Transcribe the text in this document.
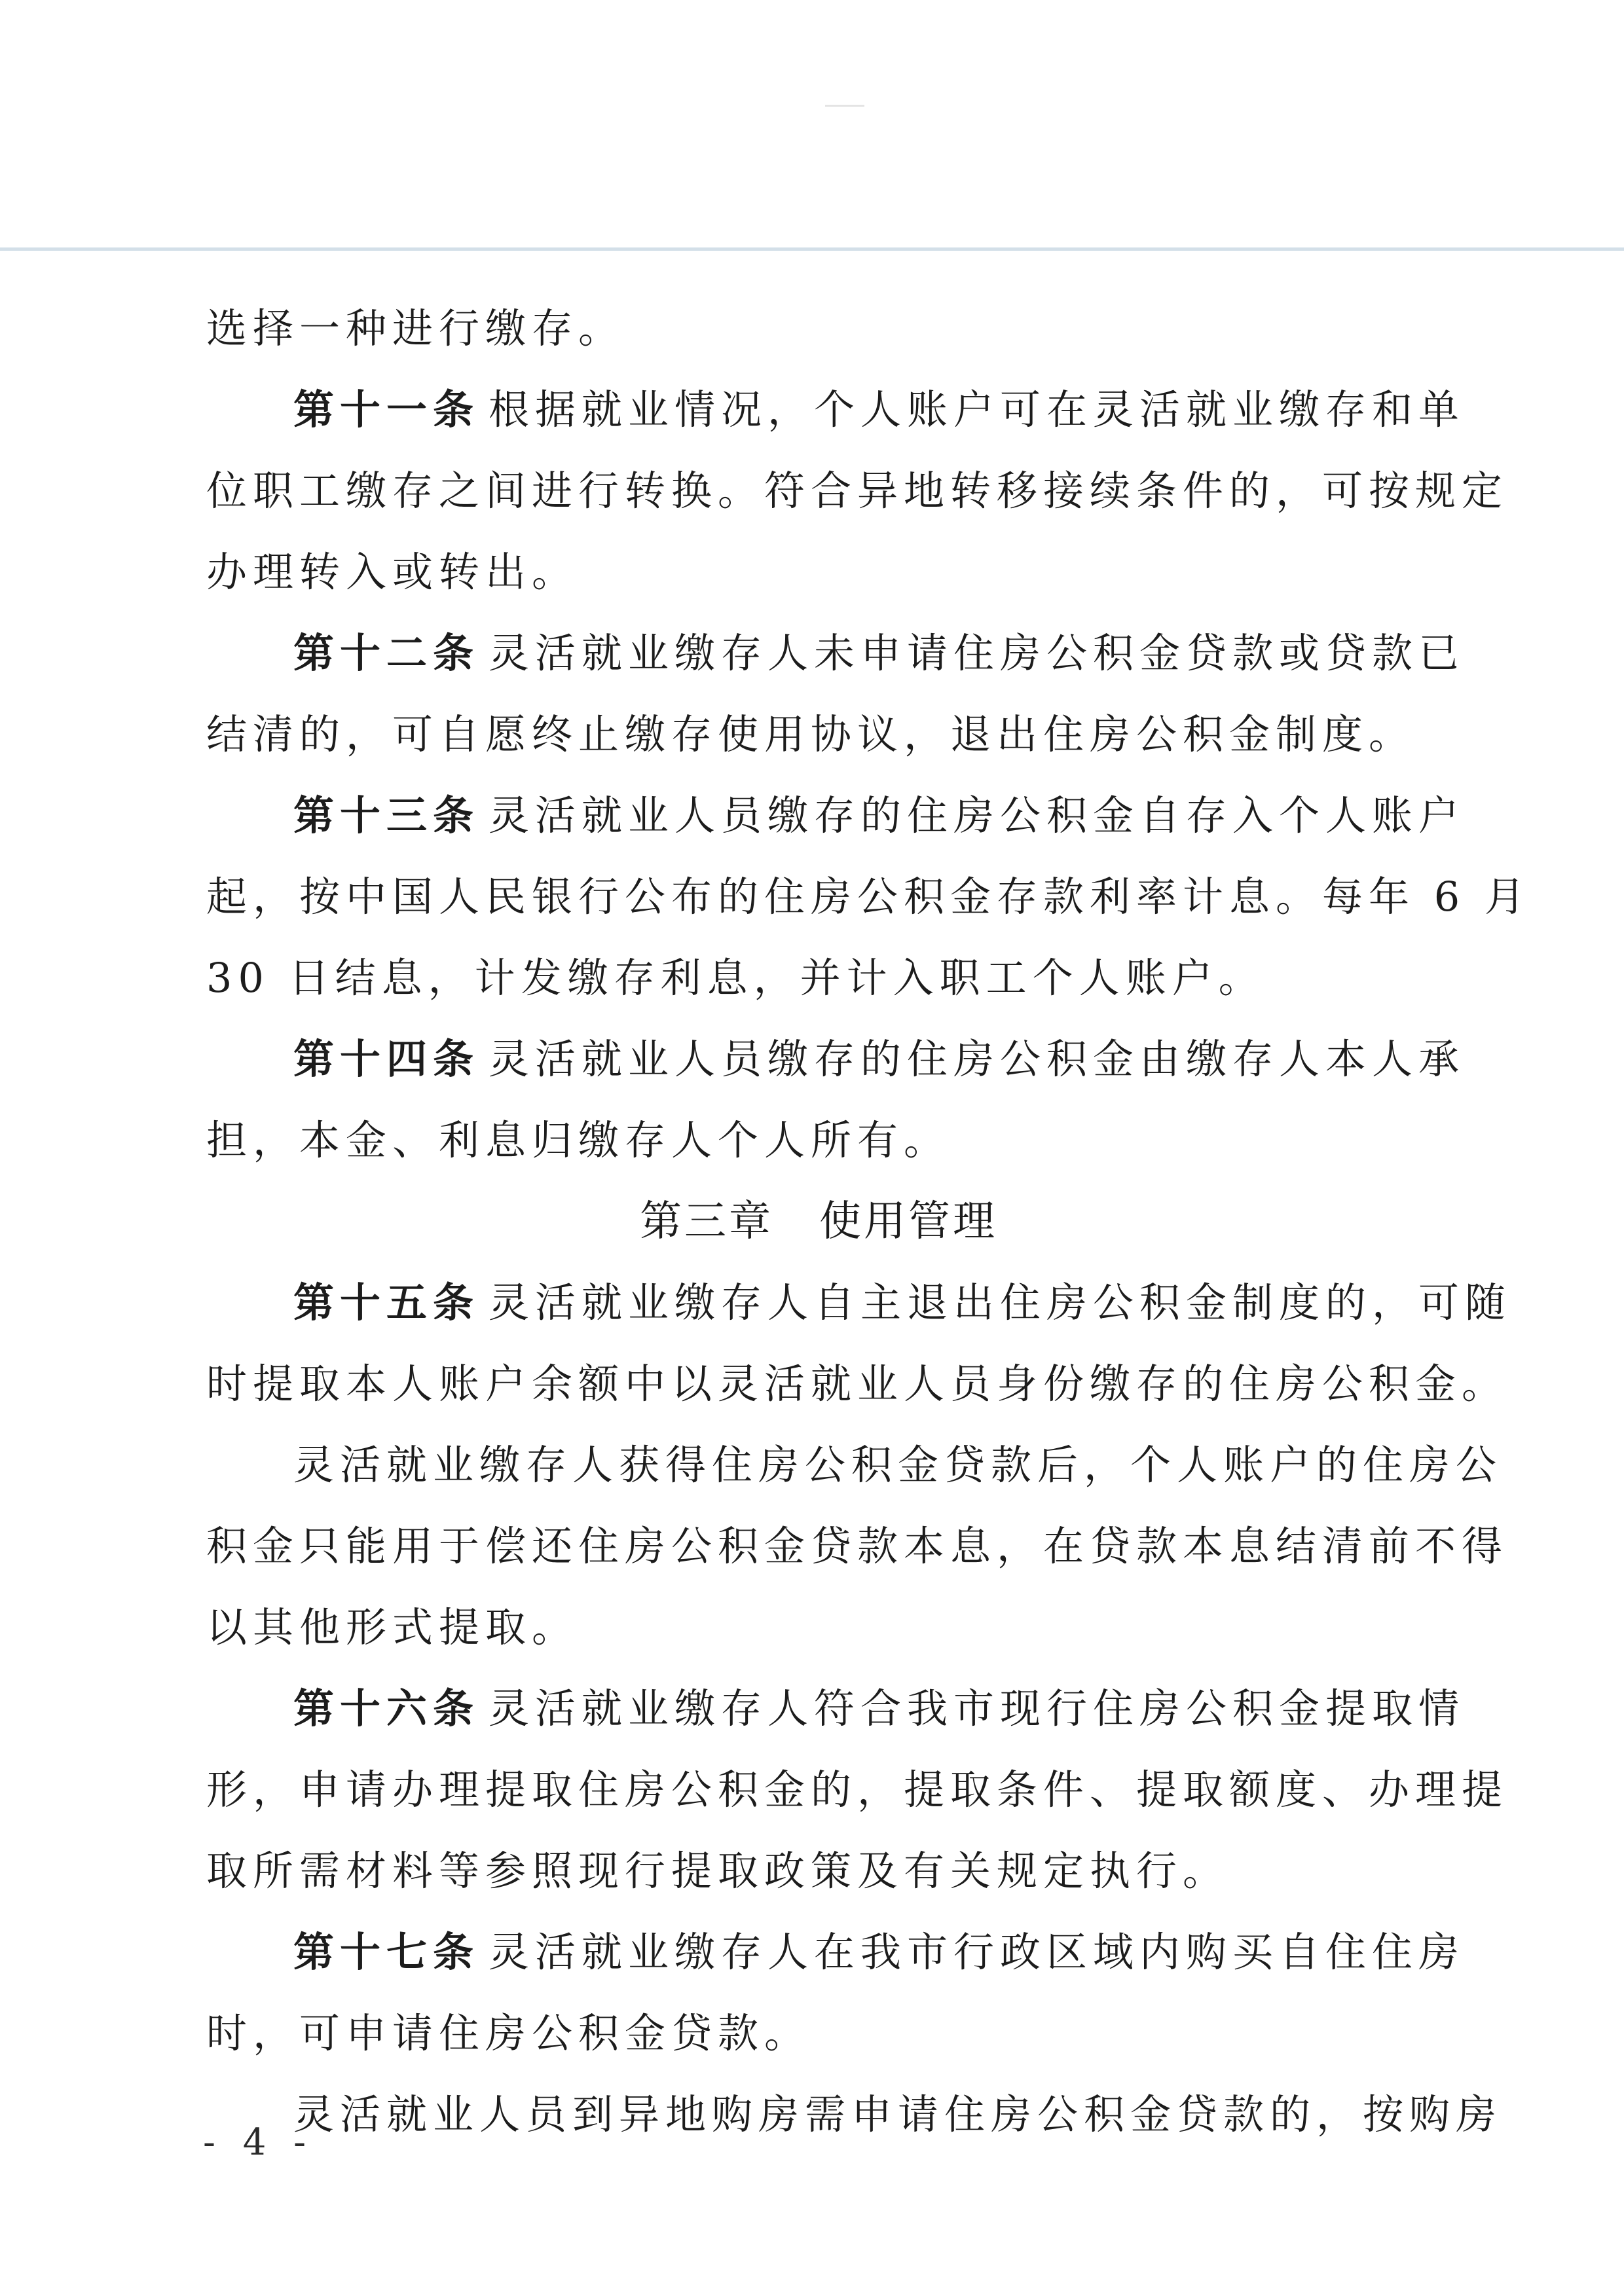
选择一种进行缴存。
第十一条 根据就业情况，个人账户可在灵活就业缴存和单
位职工缴存之间进行转换。符合异地转移接续条件的，可按规定
办理转入或转出。
第十二条 灵活就业缴存人未申请住房公积金贷款或贷款已
结清的，可自愿终止缴存使用协议，退出住房公积金制度。
第十三条 灵活就业人员缴存的住房公积金自存入个人账户
起，按中国人民银行公布的住房公积金存款利率计息。每年 6 月
30 日结息，计发缴存利息，并计入职工个人账户。
第十四条 灵活就业人员缴存的住房公积金由缴存人本人承
担，本金、利息归缴存人个人所有。
第三章 使用管理
第十五条 灵活就业缴存人自主退出住房公积金制度的，可随
时提取本人账户余额中以灵活就业人员身份缴存的住房公积金。
灵活就业缴存人获得住房公积金贷款后，个人账户的住房公
积金只能用于偿还住房公积金贷款本息，在贷款本息结清前不得
以其他形式提取。
第十六条 灵活就业缴存人符合我市现行住房公积金提取情
形，申请办理提取住房公积金的，提取条件、提取额度、办理提
取所需材料等参照现行提取政策及有关规定执行。
第十七条 灵活就业缴存人在我市行政区域内购买自住住房
时，可申请住房公积金贷款。
灵活就业人员到异地购房需申请住房公积金贷款的，按购房
- 4 -
